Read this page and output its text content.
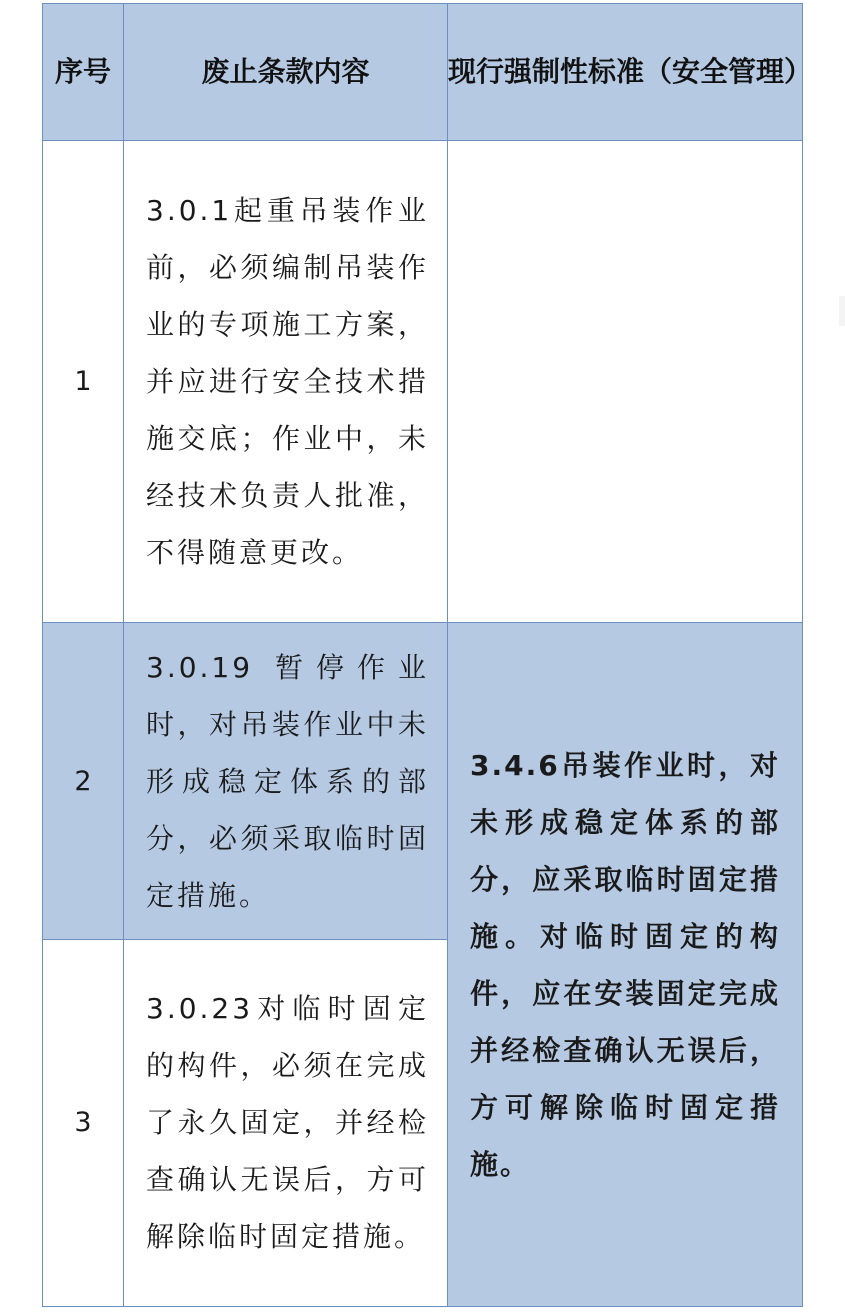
序号	废止条款内容	现行强制性标准（安全管理）
1	3.0.1起重吊装作业前，必须编制吊装作业的专项施工方案，并应进行安全技术措施交底；作业中，未经技术负责人批准，不得随意更改。	
2	3.0.19 暂停作业时，对吊装作业中未形成稳定体系的部分，必须采取临时固定措施。	3.4.6吊装作业时，对未形成稳定体系的部分，应采取临时固定措施。对临时固定的构件，应在安装固定完成并经检查确认无误后，方可解除临时固定措施。
3	3.0.23对临时固定的构件，必须在完成了永久固定，并经检查确认无误后，方可解除临时固定措施。	
